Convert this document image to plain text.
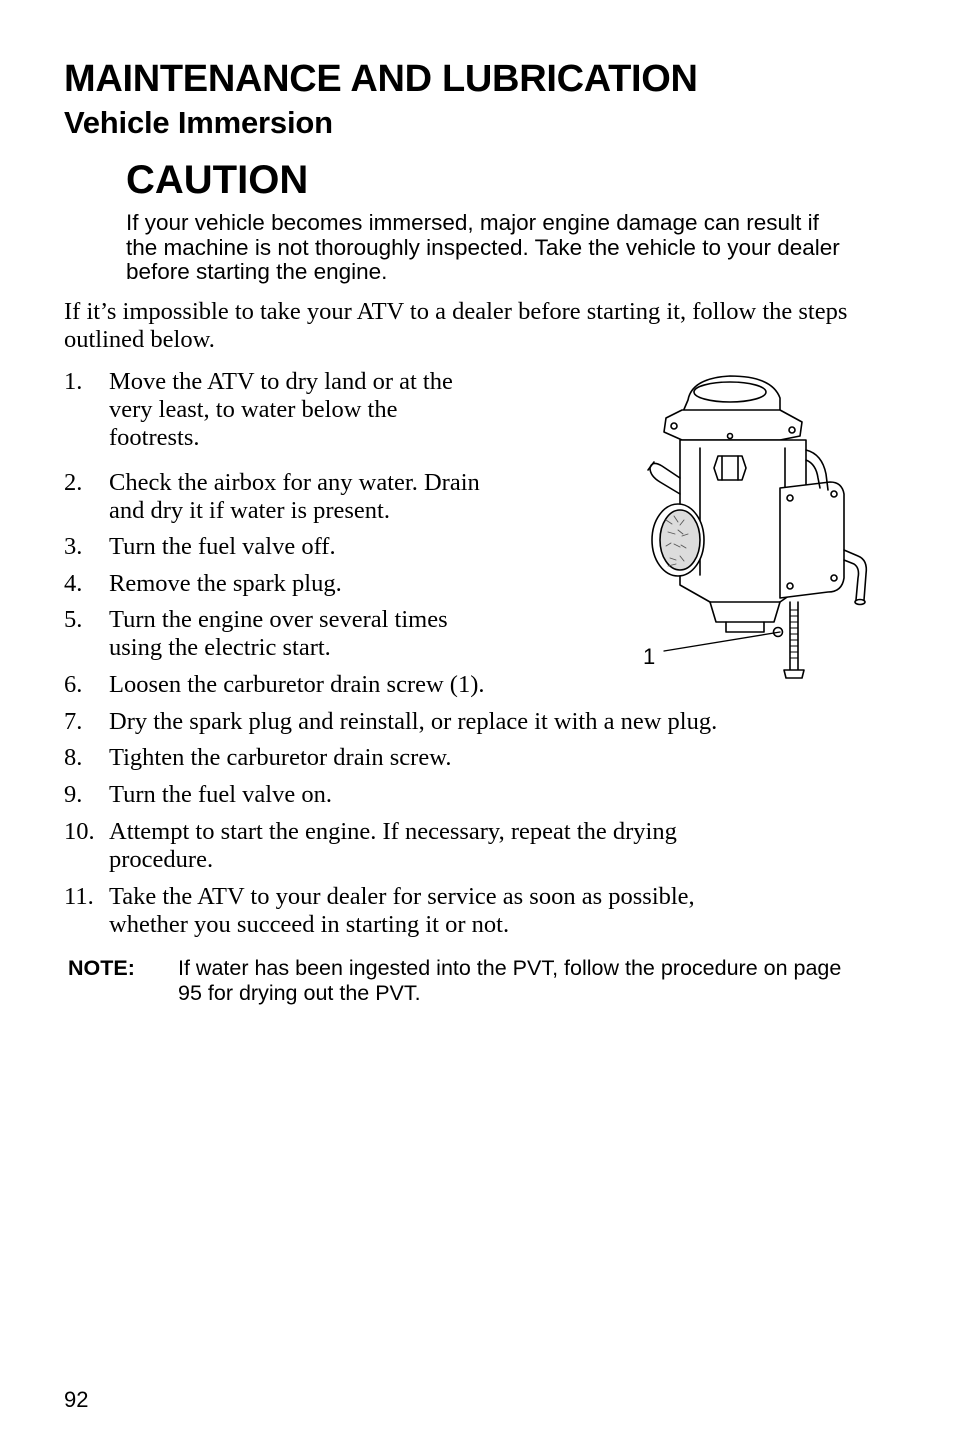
MAINTENANCE AND LUBRICATION
Vehicle Immersion
CAUTION

If your vehicle becomes immersed, major engine damage can result if the machine is not thoroughly inspected. Take the vehicle to your dealer before starting the engine.

If it’s impossible to take your ATV to a dealer before starting it, follow the steps outlined below.

1.	Move the ATV to dry land or at the
very least, to water below the
footrests.
2.	Check the airbox for any water. Drain
and dry it if water is present.
3.	Turn the fuel valve off.
4.	Remove the spark plug.
5.	Turn the engine over several times
using the electric start.
6.	Loosen the carburetor drain screw (1).
7.	Dry the spark plug and reinstall, or replace it with a new plug.
8.	Tighten the carburetor drain screw.
9.	Turn the fuel valve on.
10. Attempt to start the engine. If necessary, repeat the drying
procedure.
11. Take the ATV to your dealer for service as soon as possible,
whether you succeed in starting it or not.
1
NOTE: If water has been ingested into the PVT, follow the procedure on page 95 for drying out the PVT.
92
